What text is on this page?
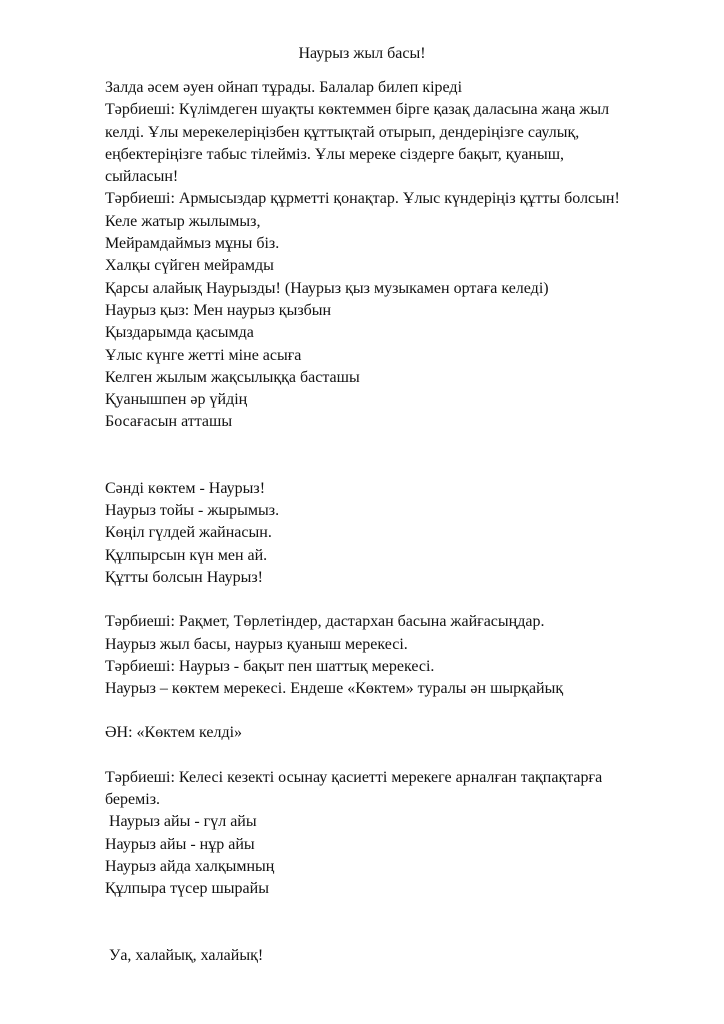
Наурыз жыл басы!
Залда әсем әуен ойнап тұрады. Балалар билеп кіреді
Тәрбиеші: Күлімдеген шуақты көктеммен бірге қазақ даласына жаңа жыл
келді. Ұлы мерекелеріңізбен құттықтай отырып, дендеріңізге саулық,
еңбектеріңізге табыс тілейміз. Ұлы мереке сіздерге бақыт, қуаныш,
сыйласын!
Тәрбиеші: Армысыздар құрметті қонақтар. Ұлыс күндеріңіз құтты болсын!
Келе жатыр жылымыз,
Мейрамдаймыз мұны біз.
Халқы сүйген мейрамды
Қарсы алайық Наурызды! (Наурыз қыз музыкамен ортаға келеді)
Наурыз қыз: Мен наурыз қызбын
Қыздарымда қасымда
Ұлыс күнге жетті міне асыға
Келген жылым жақсылыққа басташы
Қуанышпен әр үйдің
Босағасын атташы
Сәнді көктем - Наурыз!
Наурыз тойы - жырымыз.
Көңіл гүлдей жайнасын.
Құлпырсын күн мен ай.
Құтты болсын Наурыз!
Тәрбиеші: Рақмет, Төрлетіндер, дастархан басына жайғасыңдар.
Наурыз жыл басы, наурыз қуаныш мерекесі.
Тәрбиеші: Наурыз - бақыт пен шаттық мерекесі.
Наурыз – көктем мерекесі. Ендеше «Көктем» туралы ән шырқайық
ӘН: «Көктем келді»
Тәрбиеші: Келесі кезекті осынау қасиетті мерекеге арналған тақпақтарға
береміз.
Наурыз айы - гүл айы
Наурыз айы - нұр айы
Наурыз айда халқымның
Құлпыра түсер шырайы
Уа, халайық, халайық!
